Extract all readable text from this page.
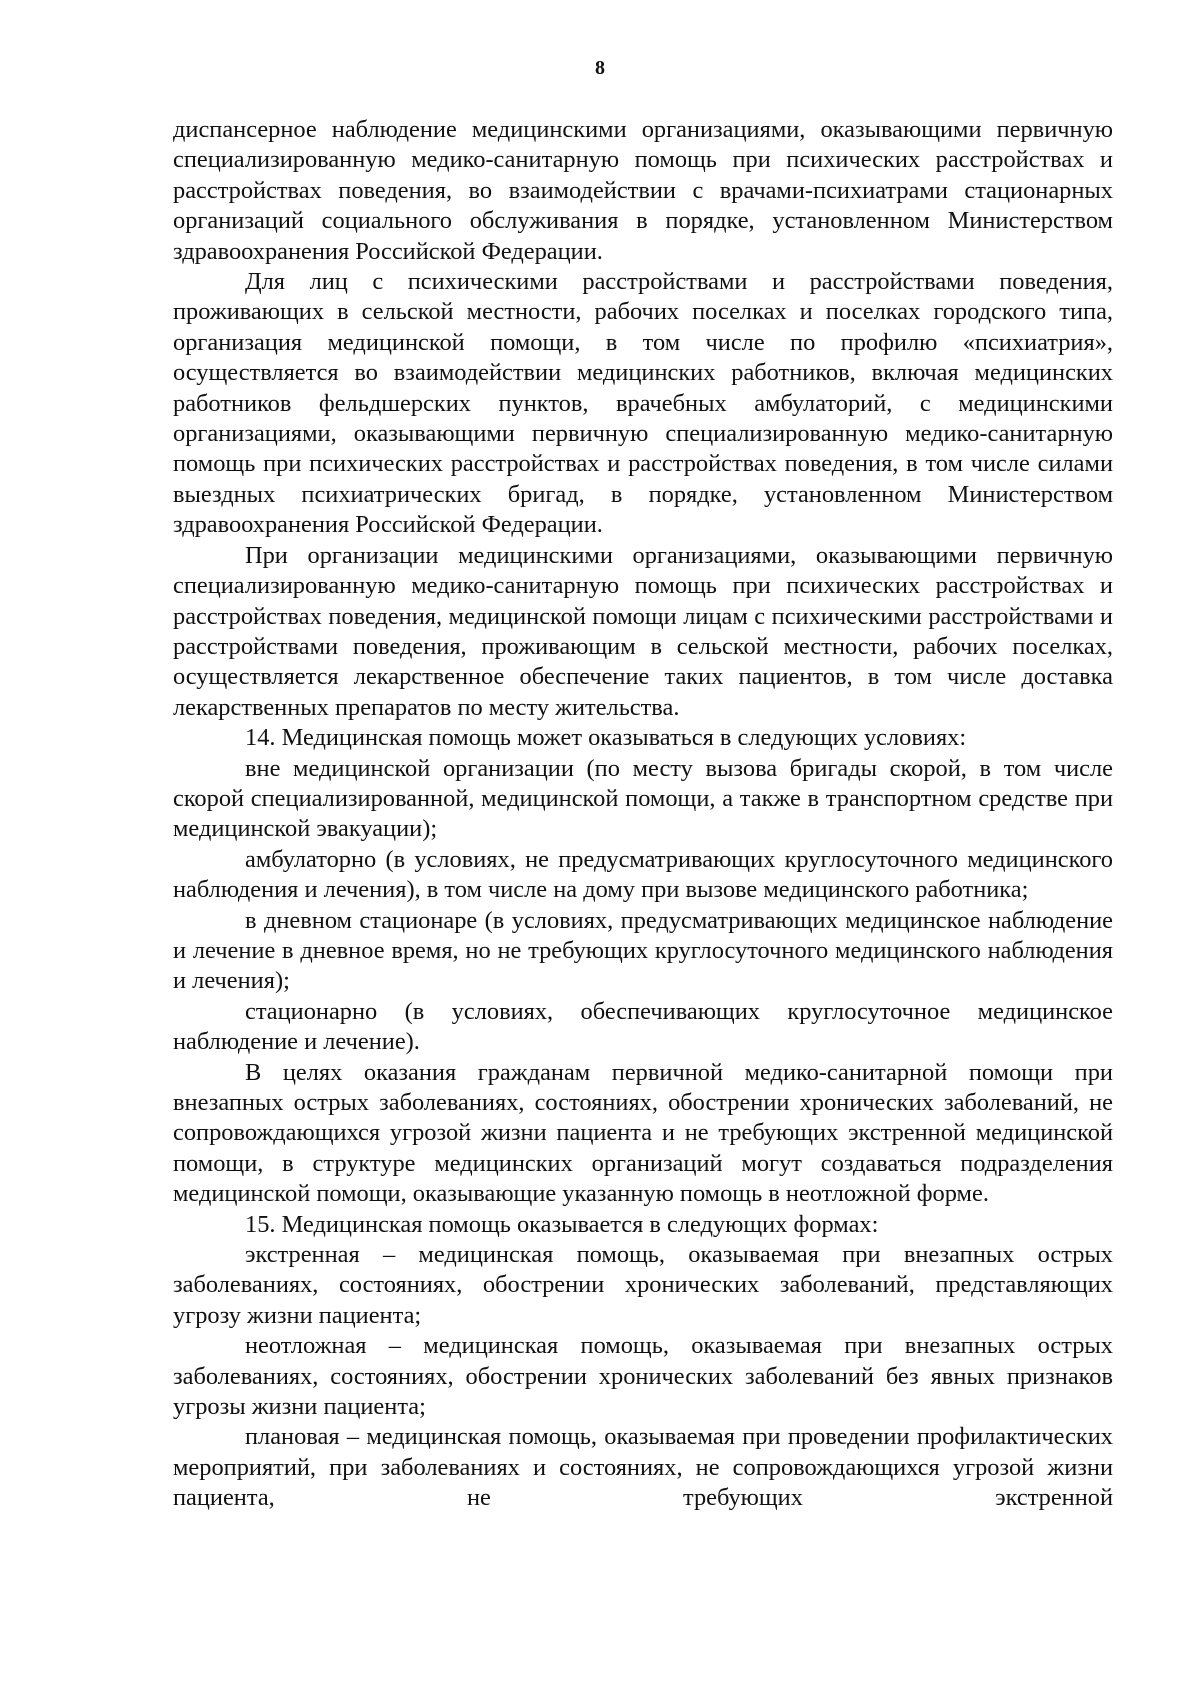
8

диспансерное наблюдение медицинскими организациями, оказывающими первичную специализированную медико-санитарную помощь при психических расстройствах и расстройствах поведения, во взаимодействии с врачами-психиатрами стационарных организаций социального обслуживания в порядке, установленном Министерством здравоохранения Российской Федерации.

Для лиц с психическими расстройствами и расстройствами поведения, проживающих в сельской местности, рабочих поселках и поселках городского типа, организация медицинской помощи, в том числе по профилю «психиатрия», осуществляется во взаимодействии медицинских работников, включая медицинских работников фельдшерских пунктов, врачебных амбулаторий, с медицинскими организациями, оказывающими первичную специализированную медико-санитарную помощь при психических расстройствах и расстройствах поведения, в том числе силами выездных психиатрических бригад, в порядке, установленном Министерством здравоохранения Российской Федерации.

При организации медицинскими организациями, оказывающими первичную специализированную медико-санитарную помощь при психических расстройствах и расстройствах поведения, медицинской помощи лицам с психическими расстройствами и расстройствами поведения, проживающим в сельской местности, рабочих поселках, осуществляется лекарственное обеспечение таких пациентов, в том числе доставка лекарственных препаратов по месту жительства.

14. Медицинская помощь может оказываться в следующих условиях:

вне медицинской организации (по месту вызова бригады скорой, в том числе скорой специализированной, медицинской помощи, а также в транспортном средстве при медицинской эвакуации);

амбулаторно (в условиях, не предусматривающих круглосуточного медицинского наблюдения и лечения), в том числе на дому при вызове медицинского работника;

в дневном стационаре (в условиях, предусматривающих медицинское наблюдение и лечение в дневное время, но не требующих круглосуточного медицинского наблюдения и лечения);

стационарно (в условиях, обеспечивающих круглосуточное медицинское наблюдение и лечение).

В целях оказания гражданам первичной медико-санитарной помощи при внезапных острых заболеваниях, состояниях, обострении хронических заболеваний, не сопровождающихся угрозой жизни пациента и не требующих экстренной медицинской помощи, в структуре медицинских организаций могут создаваться подразделения медицинской помощи, оказывающие указанную помощь в неотложной форме.

15. Медицинская помощь оказывается в следующих формах:

экстренная – медицинская помощь, оказываемая при внезапных острых заболеваниях, состояниях, обострении хронических заболеваний, представляющих угрозу жизни пациента;

неотложная – медицинская помощь, оказываемая при внезапных острых заболеваниях, состояниях, обострении хронических заболеваний без явных признаков угрозы жизни пациента;

плановая – медицинская помощь, оказываемая при проведении профилактических мероприятий, при заболеваниях и состояниях, не сопровождающихся угрозой жизни пациента, не требующих экстренной
